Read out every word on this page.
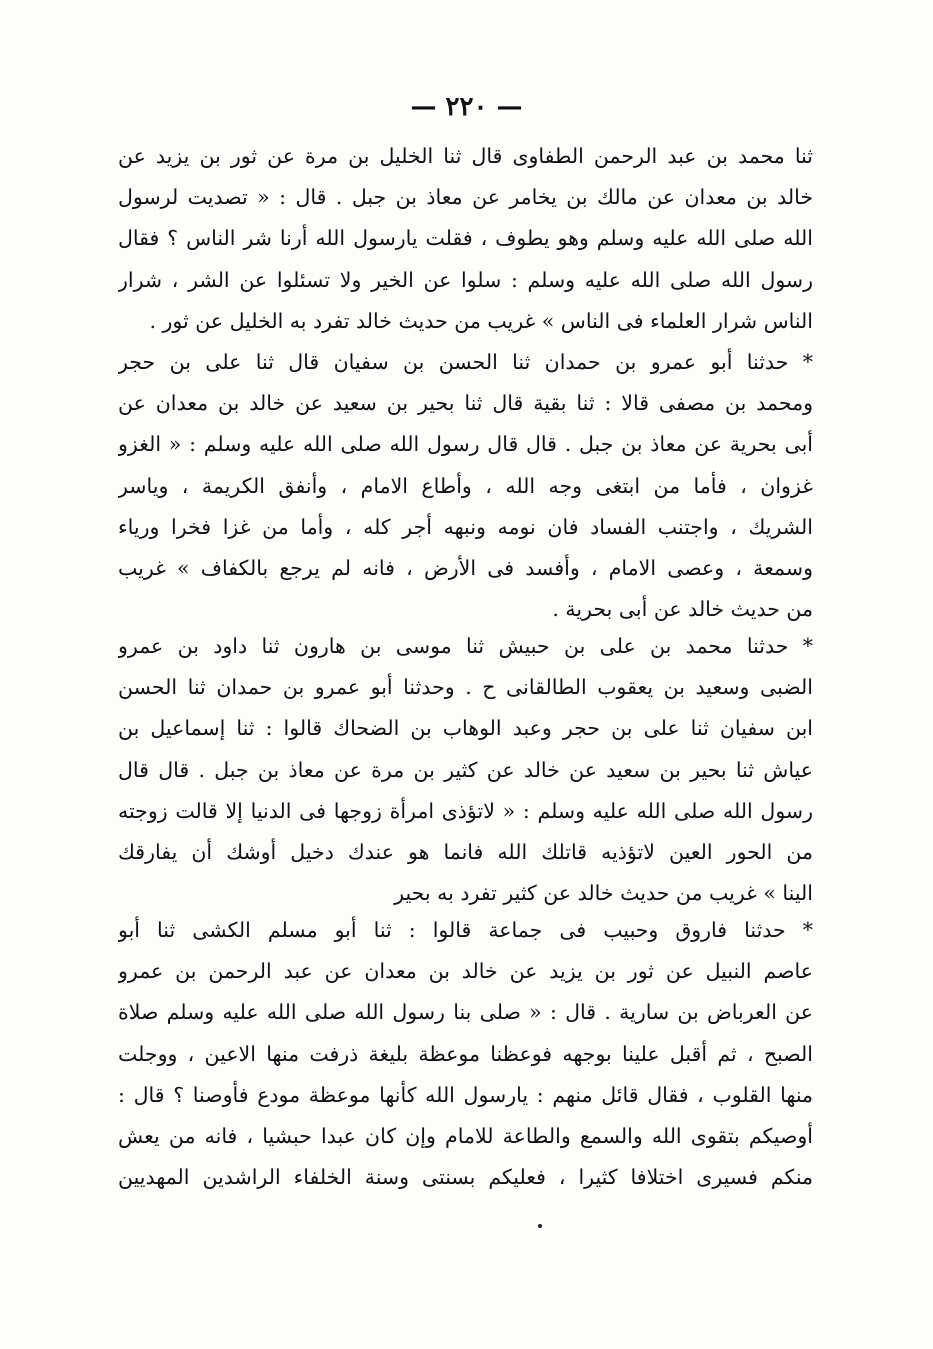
— ٢٢٠ —
ثنا محمد بن عبد الرحمن الطفاوى قال ثنا الخليل بن مرة عن ثور بن يزيد عن
خالد بن معدان عن مالك بن يخامر عن معاذ بن جبل . قال : « تصديت لرسول
الله صلى الله عليه وسلم وهو يطوف ، فقلت يارسول الله أرنا شر الناس ؟ فقال
رسول الله صلى الله عليه وسلم : سلوا عن الخير ولا تسئلوا عن الشر ، شرار
الناس شرار العلماء فى الناس » غريب من حديث خالد تفرد به الخليل عن ثور .
* حدثنا أبو عمرو بن حمدان ثنا الحسن بن سفيان قال ثنا على بن حجر
ومحمد بن مصفى قالا : ثنا بقية قال ثنا بحير بن سعيد عن خالد بن معدان عن
أبى بحرية عن معاذ بن جبل . قال قال رسول الله صلى الله عليه وسلم : « الغزو
غزوان ، فأما من ابتغى وجه الله ، وأطاع الامام ، وأنفق الكريمة ، وياسر
الشريك ، واجتنب الفساد فان نومه ونبهه أجر كله ، وأما من غزا فخرا ورياء
وسمعة ، وعصى الامام ، وأفسد فى الأرض ، فانه لم يرجع بالكفاف » غريب
من حديث خالد عن أبى بحرية .
* حدثنا محمد بن على بن حبيش ثنا موسى بن هارون ثنا داود بن عمرو
الضبى وسعيد بن يعقوب الطالقانى ح . وحدثنا أبو عمرو بن حمدان ثنا الحسن
ابن سفيان ثنا على بن حجر وعبد الوهاب بن الضحاك قالوا : ثنا إسماعيل بن
عياش ثنا بحير بن سعيد عن خالد عن كثير بن مرة عن معاذ بن جبل . قال قال
رسول الله صلى الله عليه وسلم : « لاتؤذى امرأة زوجها فى الدنيا إلا قالت زوجته
من الحور العين لاتؤذيه قاتلك الله فانما هو عندك دخيل أوشك أن يفارقك
الينا » غريب من حديث خالد عن كثير تفرد به بحير
* حدثنا فاروق وحبيب فى جماعة قالوا : ثنا أبو مسلم الكشى ثنا أبو
عاصم النبيل عن ثور بن يزيد عن خالد بن معدان عن عبد الرحمن بن عمرو
عن العرباض بن سارية . قال : « صلى بنا رسول الله صلى الله عليه وسلم صلاة
الصبح ، ثم أقبل علينا بوجهه فوعظنا موعظة بليغة ذرفت منها الاعين ، ووجلت
منها القلوب ، فقال قائل منهم : يارسول الله كأنها موعظة مودع فأوصنا ؟ قال :
أوصيكم بتقوى الله والسمع والطاعة للامام وإن كان عبدا حبشيا ، فانه من يعش
منكم فسيرى اختلافا كثيرا ، فعليكم بسنتى وسنة الخلفاء الراشدين المهديين
